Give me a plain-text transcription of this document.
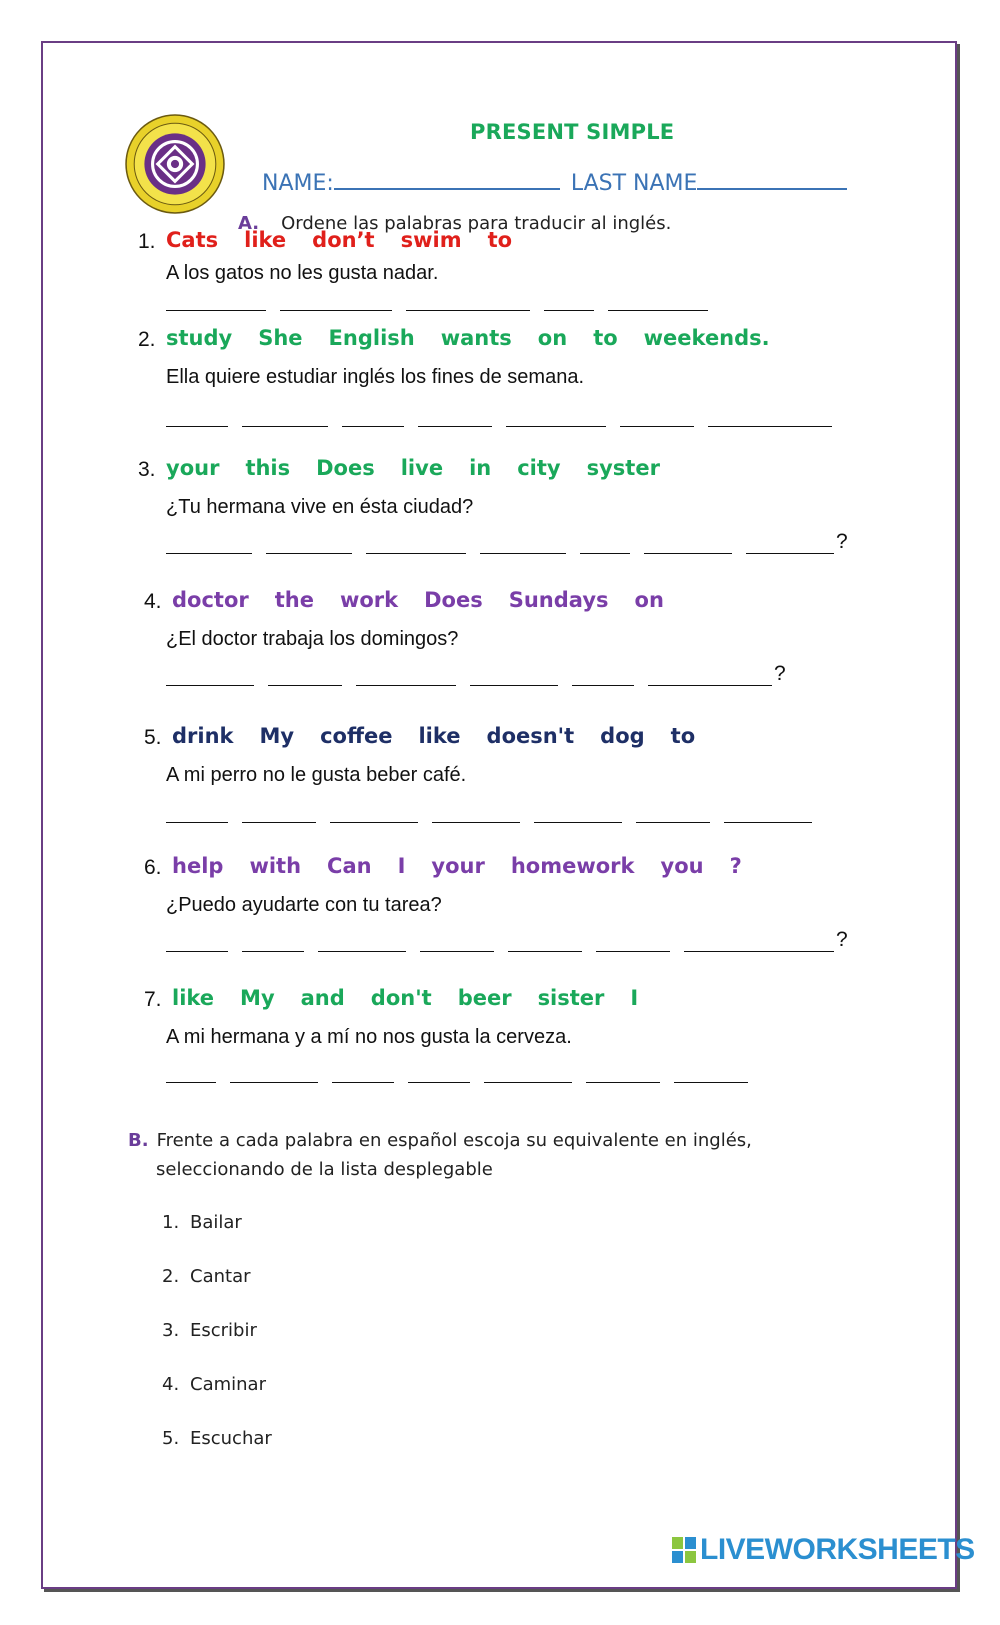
PRESENT SIMPLE
NAME:	LAST NAME
A. Ordene las palabras para traducir al inglés.
1. Cats like don’t swim to
A los gatos no les gusta nadar.
2. study She English wants on to weekends.
Ella quiere estudiar inglés los fines de semana.
3. your this Does live in city syster
¿Tu hermana vive en ésta ciudad?
?
4. doctor the work Does Sundays on
¿El doctor trabaja los domingos?
?
5. drink My coffee like doesn't dog to
A mi perro no le gusta beber café.
6. help with Can I your homework you ?
¿Puedo ayudarte con tu tarea?
?
7. like My and don't beer sister I
A mi hermana y a mí no nos gusta la cerveza.
B. Frente a cada palabra en español escoja su equivalente en inglés,
seleccionando de la lista desplegable
1. Bailar
2. Cantar
3. Escribir
4. Caminar
5. Escuchar
LIVEWORKSHEETS
